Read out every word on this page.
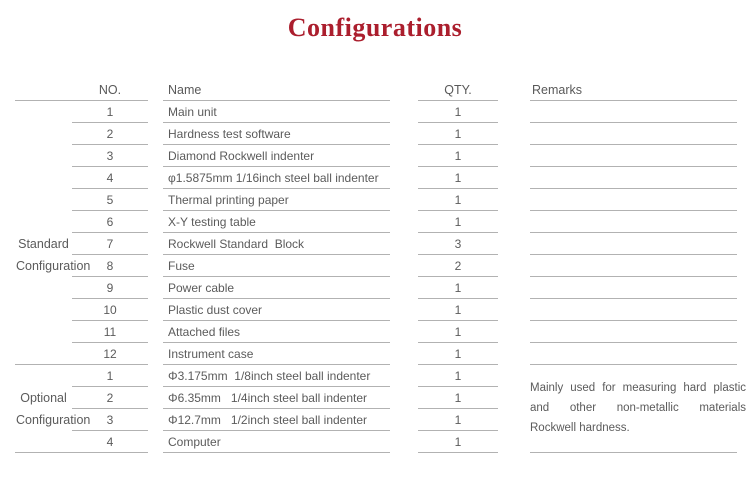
Configurations
NO.	Name	QTY.	Remarks
1	Main unit	1
2	Hardness test software	1
3	Diamond Rockwell indenter	1
4	φ1.5875mm 1/16inch steel ball indenter	1
5	Thermal printing paper	1
6	X-Y testing table	1
Standard	7	Rockwell Standard  Block	3
Configuration	8	Fuse	2
9	Power cable	1
10	Plastic dust cover	1
11	Attached files	1
12	Instrument case	1
1	Φ3.175mm  1/8inch steel ball indenter	1
Optional	2	Φ6.35mm   1/4inch steel ball indenter	1
Configuration	3	Φ12.7mm   1/2inch steel ball indenter	1
4	Computer	1
Mainly used for measuring hard plastic
and other non-metallic materials
Rockwell hardness.
